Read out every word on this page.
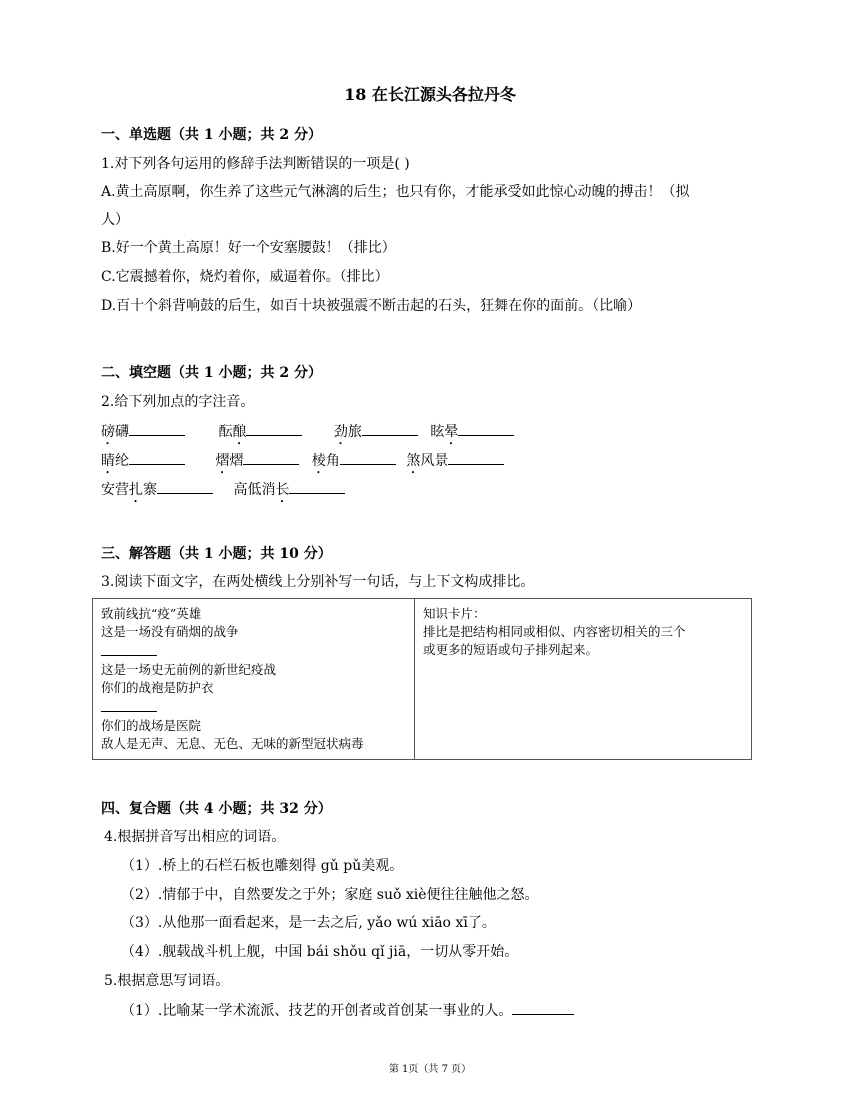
18 在长江源头各拉丹冬
一、单选题（共 1 小题；共 2 分）
1.对下列各句运用的修辞手法判断错误的一项是( )
A.黄土高原啊，你生养了这些元气淋漓的后生；也只有你，才能承受如此惊心动魄的搏击！（拟
人）
B.好一个黄土高原！好一个安塞腰鼓！（排比）
C.它震撼着你，烧灼着你，威逼着你。（排比）
D.百十个斜背响鼓的后生，如百十块被强震不断击起的石头，狂舞在你的面前。（比喻）
二、填空题（共 1 小题；共 2 分）
2.给下列加点的字注音。
磅礴	酝酿	劲旅	眩晕
睛纶	熠熠	棱角	煞风景
安营扎寨	高低消长
三、解答题（共 1 小题；共 10 分）
3.阅读下面文字，在两处横线上分别补写一句话，与上下文构成排比。
致前线抗“疫”英雄
这是一场没有硝烟的战争
这是一场史无前例的新世纪疫战
你们的战袍是防护衣
你们的战场是医院
敌人是无声、无息、无色、无味的新型冠状病毒

知识卡片：
排比是把结构相同或相似、内容密切相关的三个
或更多的短语或句子排列起来。
四、复合题（共 4 小题；共 32 分）
4.根据拼音写出相应的词语。
（1）.桥上的石栏石板也雕刻得 gǔ pǔ美观。
（2）.情郁于中，自然要发之于外；家庭 suǒ xiè便往往触他之怒。
（3）.从他那一面看起来，是一去之后, yǎo wú xiāo xī了。
（4）.舰载战斗机上舰，中国 bái shǒu qǐ jiā，一切从零开始。
5.根据意思写词语。
（1）.比喻某一学术流派、技艺的开创者或首创某一事业的人。
第 1页（共 7 页）
